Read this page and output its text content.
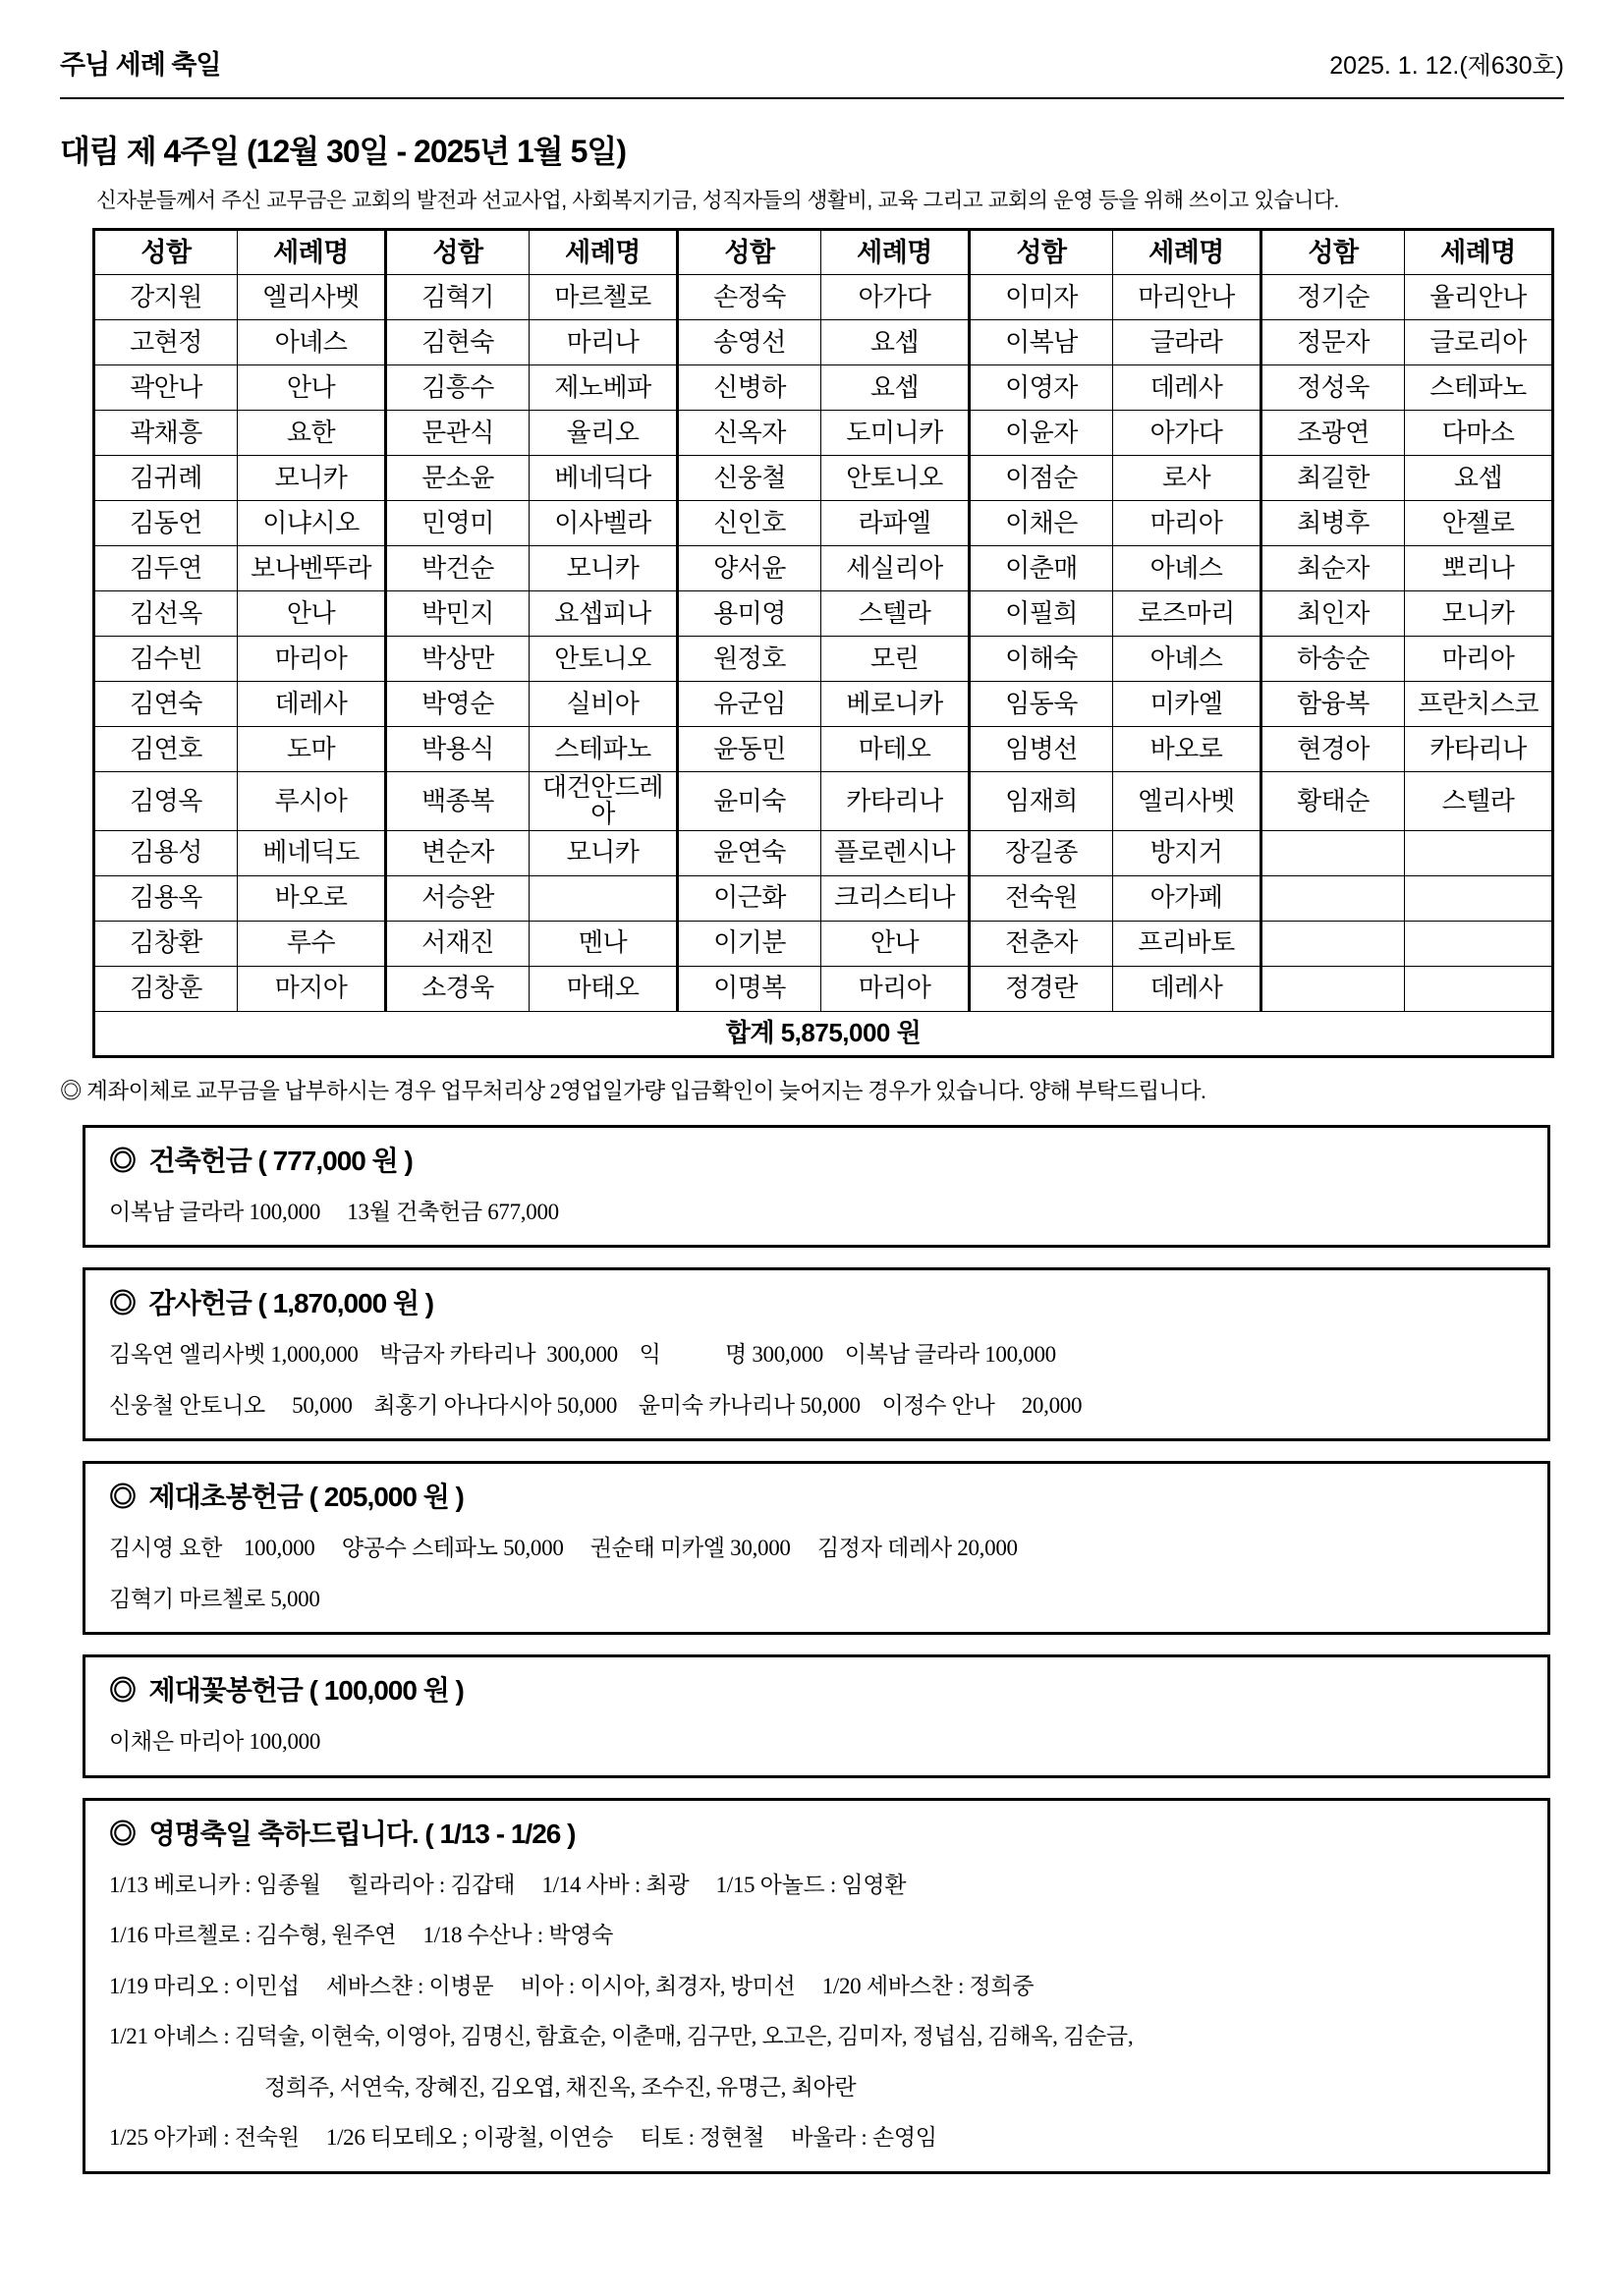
주님 세례 축일	2025. 1. 12.(제630호)
대림 제 4주일 (12월 30일 - 2025년 1월 5일)
신자분들께서 주신 교무금은 교회의 발전과 선교사업, 사회복지기금, 성직자들의 생활비, 교육 그리고 교회의 운영 등을 위해 쓰이고 있습니다.
성함	세례명	성함	세례명	성함	세례명	성함	세례명	성함	세례명
강지원	엘리사벳	김혁기	마르첼로	손정숙	아가다	이미자	마리안나	정기순	율리안나
고현정	아녜스	김현숙	마리나	송영선	요셉	이복남	글라라	정문자	글로리아
곽안나	안나	김흥수	제노베파	신병하	요셉	이영자	데레사	정성욱	스테파노
곽채흥	요한	문관식	율리오	신옥자	도미니카	이윤자	아가다	조광연	다마소
김귀례	모니카	문소윤	베네딕다	신웅철	안토니오	이점순	로사	최길한	요셉
김동언	이냐시오	민영미	이사벨라	신인호	라파엘	이채은	마리아	최병후	안젤로
김두연	보나벤뚜라	박건순	모니카	양서윤	세실리아	이춘매	아녜스	최순자	뽀리나
김선옥	안나	박민지	요셉피나	용미영	스텔라	이필희	로즈마리	최인자	모니카
김수빈	마리아	박상만	안토니오	원정호	모린	이해숙	아녜스	하송순	마리아
김연숙	데레사	박영순	실비아	유군임	베로니카	임동욱	미카엘	함융복	프란치스코
김연호	도마	박용식	스테파노	윤동민	마테오	임병선	바오로	현경아	카타리나
김영옥	루시아	백종복	대건안드레아	윤미숙	카타리나	임재희	엘리사벳	황태순	스텔라
김용성	베네딕도	변순자	모니카	윤연숙	플로렌시나	장길종	방지거		
김용옥	바오로	서승완		이근화	크리스티나	전숙원	아가페		
김창환	루수	서재진	멘나	이기분	안나	전춘자	프리바토		
김창훈	마지아	소경욱	마태오	이명복	마리아	정경란	데레사		
합계 5,875,000 원									
◎ 계좌이체로 교무금을 납부하시는 경우 업무처리상 2영업일가량 입금확인이 늦어지는 경우가 있습니다. 양해 부탁드립니다.
◎  건축헌금 ( 777,000 원 )
이복남 글라라 100,000     13월 건축헌금 677,000
◎  감사헌금 ( 1,870,000 원 )
김옥연 엘리사벳 1,000,000    박금자 카타리나  300,000    익            명 300,000    이복남 글라라 100,000
신웅철 안토니오     50,000    최홍기 아나다시아 50,000    윤미숙 카나리나 50,000    이정수 안나     20,000
◎  제대초봉헌금 ( 205,000 원 )
김시영 요한    100,000     양공수 스테파노 50,000     권순태 미카엘 30,000     김정자 데레사 20,000
김혁기 마르첼로 5,000
◎  제대꽃봉헌금 ( 100,000 원 )
이채은 마리아 100,000
◎  영명축일 축하드립니다. ( 1/13 - 1/26 )
1/13 베로니카 : 임종월     힐라리아 : 김갑태     1/14 사바 : 최광     1/15 아놀드 : 임영환
1/16 마르첼로 : 김수형, 원주연     1/18 수산나 : 박영숙
1/19 마리오 : 이민섭     세바스챤 : 이병문     비아 : 이시아, 최경자, 방미선     1/20 세바스찬 : 정희중
1/21 아녜스 : 김덕술, 이현숙, 이영아, 김명신, 함효순, 이춘매, 김구만, 오고은, 김미자, 정넙심, 김해옥, 김순금,
정희주, 서연숙, 장혜진, 김오엽, 채진옥, 조수진, 유명근, 최아란
1/25 아가페 : 전숙원     1/26 티모테오 ; 이광철, 이연승     티토 : 정현철     바울라 : 손영임
